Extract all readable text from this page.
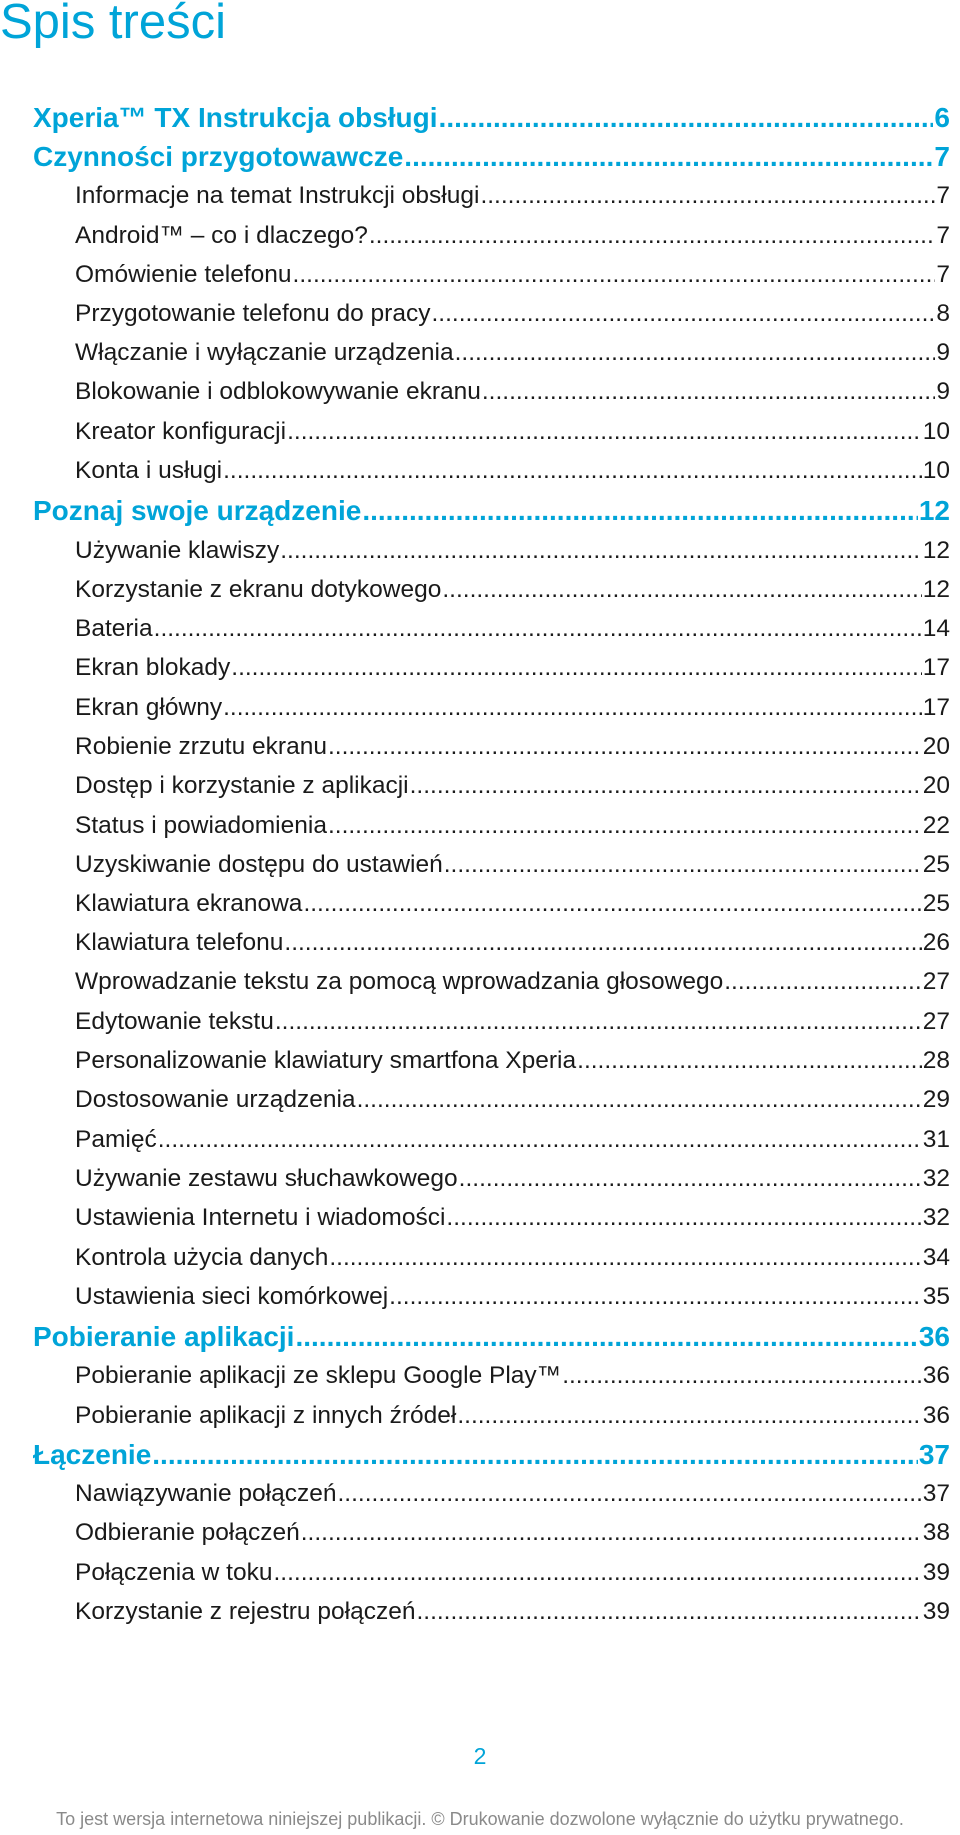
Spis treści
Xperia™ TX Instrukcja obsługi .....	6
Czynności przygotowawcze .....	7
Informacje na temat Instrukcji obsługi .....	7
Android™ – co i dlaczego? .....	7
Omówienie telefonu .....	7
Przygotowanie telefonu do pracy .....	8
Włączanie i wyłączanie urządzenia .....	9
Blokowanie i odblokowywanie ekranu .....	9
Kreator konfiguracji .....	10
Konta i usługi .....	10
Poznaj swoje urządzenie .....	12
Używanie klawiszy .....	12
Korzystanie z ekranu dotykowego .....	12
Bateria .....	14
Ekran blokady .....	17
Ekran główny .....	17
Robienie zrzutu ekranu .....	20
Dostęp i korzystanie z aplikacji .....	20
Status i powiadomienia .....	22
Uzyskiwanie dostępu do ustawień .....	25
Klawiatura ekranowa .....	25
Klawiatura telefonu .....	26
Wprowadzanie tekstu za pomocą wprowadzania głosowego .....	27
Edytowanie tekstu .....	27
Personalizowanie klawiatury smartfona Xperia .....	28
Dostosowanie urządzenia .....	29
Pamięć .....	31
Używanie zestawu słuchawkowego .....	32
Ustawienia Internetu i wiadomości .....	32
Kontrola użycia danych .....	34
Ustawienia sieci komórkowej .....	35
Pobieranie aplikacji .....	36
Pobieranie aplikacji ze sklepu Google Play™ .....	36
Pobieranie aplikacji z innych źródeł .....	36
Łączenie .....	37
Nawiązywanie połączeń .....	37
Odbieranie połączeń .....	38
Połączenia w toku .....	39
Korzystanie z rejestru połączeń .....	39
2
To jest wersja internetowa niniejszej publikacji. © Drukowanie dozwolone wyłącznie do użytku prywatnego.
